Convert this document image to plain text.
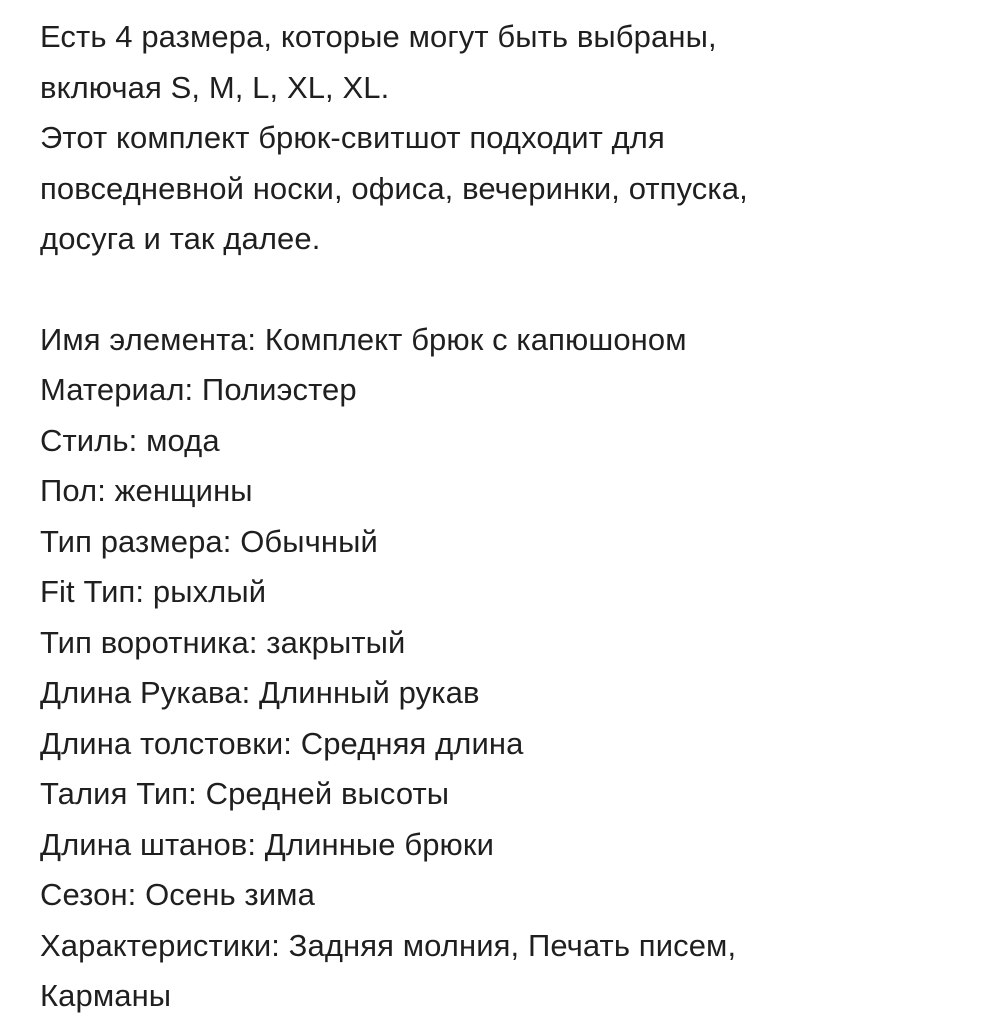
Есть 4 размера, которые могут быть выбраны,
включая S, M, L, XL, XL.
Этот комплект брюк-свитшот подходит для
повседневной носки, офиса, вечеринки, отпуска,
досуга и так далее.
Имя элемента: Комплект брюк с капюшоном
Материал: Полиэстер
Стиль: мода
Пол: женщины
Тип размера: Обычный
Fit Тип: рыхлый
Тип воротника: закрытый
Длина Рукава: Длинный рукав
Длина толстовки: Средняя длина
Талия Тип: Средней высоты
Длина штанов: Длинные брюки
Сезон: Осень зима
Характеристики: Задняя молния, Печать писем,
Карманы
